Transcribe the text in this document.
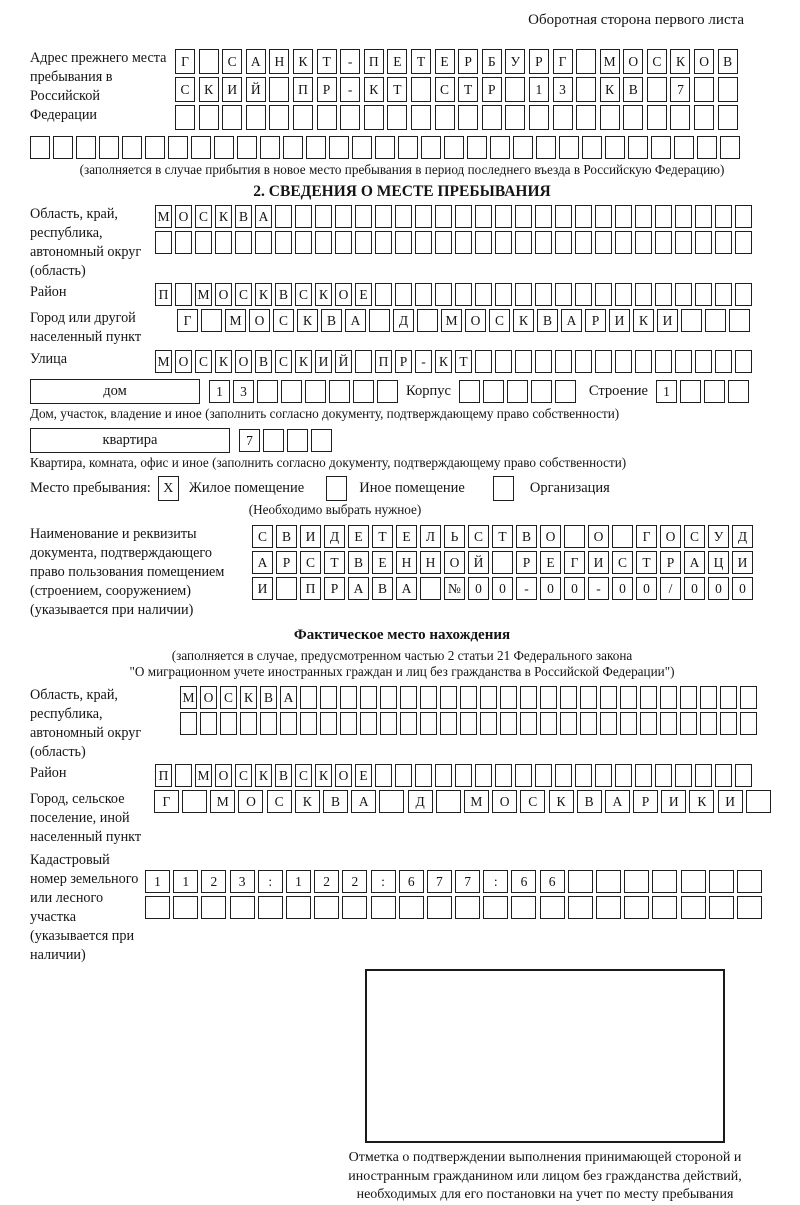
Оборотная сторона первого листа
Адрес прежнего места пребывания в Российской Федерации
Г	С	А	Н	К	Т	-	П	Е	Т	Е	Р	Б	У	Р	Г	М О	С	К	О	В
С	К	И	Й	П	Р	-	К	Т	С	Т	Р	1	3	К	В	7
(заполняется в случае прибытия в новое место пребывания в период последнего въезда в Российскую Федерацию)
2. СВЕДЕНИЯ О МЕСТЕ ПРЕБЫВАНИЯ
Область, край, республика, автономный округ (область)
М О С К В А
Район	П М О С К В С К О Е
Город или другой населенный пункт
Г	М О	С	К	В	А	Д	М О	С	К	В	А	Р	И	К	И
Улица	М О С К О В С К И Й П Р	- К Т
дом	1	3	Корпус	Строение	1
Дом, участок, владение и иное (заполнить согласно документу, подтверждающему право собственности)
квартира	7
Квартира, комната, офис и иное (заполнить согласно документу, подтверждающему право собственности)
Место пребывания: X	Жилое помещение	Иное помещение	Организация
(Необходимо выбрать нужное)
Наименование и реквизиты документа, подтверждающего право пользования помещением (строением, сооружением) (указывается при наличии)
С	В	И	Д	Е	Т	Е	Л	Ь	С	Т	В	О	О	Г	О	С	У	Д
А	Р	С	Т	В	Е	Н	Н	О	Й	Р	Е	Г	И	С	Т	Р	А	Ц	И
И	П	Р	А	В	А	№	0	0	-	0	0	-	0	0	/	0	0	0
Фактическое место нахождения
(заполняется в случае, предусмотренном частью 2 статьи 21 Федерального закона
"О миграционном учете иностранных граждан и лиц без гражданства в Российской Федерации")
Область, край, республика, автономный округ (область)
М О С К В А
Район	П М О С К В С К О Е
Город, сельское поселение, иной населенный пункт
Г	М	О	С	К	В	А	Д	М	О	С	К	В	А	Р	И	К	И
Кадастровый номер земельного или лесного участка (указывается при наличии)
1	1	2	3	:	1	2	2	:	6	7	7	:	6	6
Отметка о подтверждении выполнения принимающей стороной и иностранным гражданином или лицом без гражданства действий, необходимых для его постановки на учет по месту пребывания
